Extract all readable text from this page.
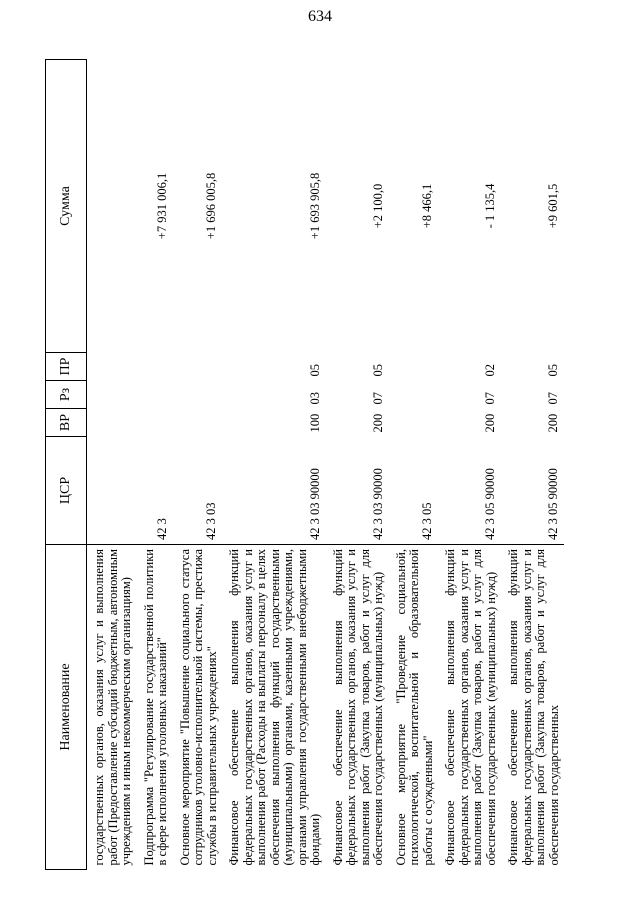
634
Наименование	ЦСР	ВР	Рз	ПР	Сумма
государственных органов, оказания услуг и выполнения работ (Предоставление субсидий бюджетным, автономным учреждениям и иным некоммерческим организациям)					
Подпрограмма "Регулирование государственной политики в сфере исполнения уголовных наказаний"	42 3				+7 931 006,1
Основное мероприятие "Повышение социального статуса сотрудников уголовно-исполнительной системы, престижа службы в исправительных учреждениях"	42 3 03				+1 696 005,8
Финансовое обеспечение выполнения функций федеральных государственных органов, оказания услуг и выполнения работ (Расходы на выплаты персоналу в целях обеспечения выполнения функций государственными (муниципальными) органами, казенными учреждениями, органами управления государственными внебюджетными фондами)	42 3 03 90000	100	03	05	+1 693 905,8
Финансовое обеспечение выполнения функций федеральных государственных органов, оказания услуг и выполнения работ (Закупка товаров, работ и услуг для обеспечения государственных (муниципальных) нужд)	42 3 03 90000	200	07	05	+2 100,0
Основное мероприятие "Проведение социальной, психологической, воспитательной и образовательной работы с осужденными"	42 3 05				+8 466,1
Финансовое обеспечение выполнения функций федеральных государственных органов, оказания услуг и выполнения работ (Закупка товаров, работ и услуг для обеспечения государственных (муниципальных) нужд)	42 3 05 90000	200	07	02	- 1 135,4
Финансовое обеспечение выполнения функций федеральных государственных органов, оказания услуг и выполнения работ (Закупка товаров, работ и услуг для обеспечения государственных	42 3 05 90000	200	07	05	+9 601,5
